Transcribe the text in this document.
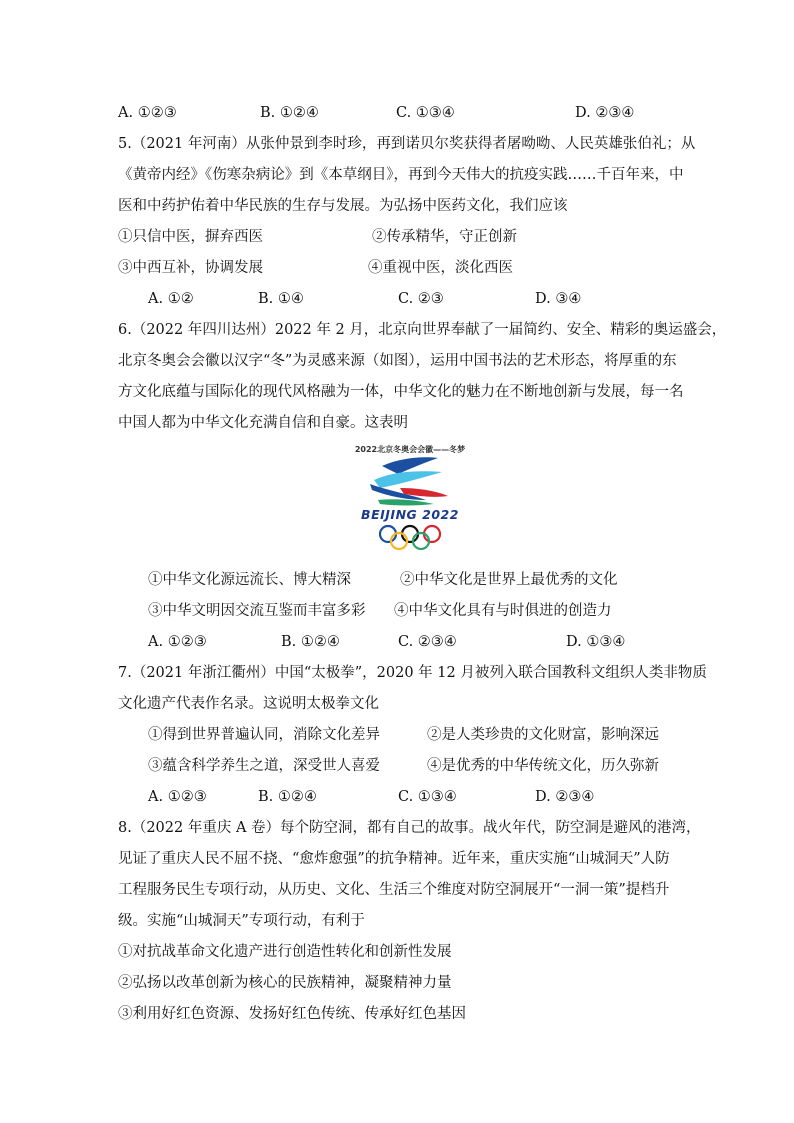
A. ①②③	B. ①②④	C. ①③④	D. ②③④
5.（2021 年河南）从张仲景到李时珍，再到诺贝尔奖获得者屠呦呦、人民英雄张伯礼；从
《黄帝内经》《伤寒杂病论》到《本草纲目》，再到今天伟大的抗疫实践……千百年来，中
医和中药护佑着中华民族的生存与发展。为弘扬中医药文化，我们应该
①只信中医，摒弃西医	②传承精华，守正创新
③中西互补，协调发展	④重视中医，淡化西医
A. ①②	B. ①④	C. ②③	D. ③④
6.（2022 年四川达州）2022 年 2 月，北京向世界奉献了一届简约、安全、精彩的奥运盛会，
北京冬奥会会徽以汉字“冬”为灵感来源（如图），运用中国书法的艺术形态，将厚重的东
方文化底蕴与国际化的现代风格融为一体，中华文化的魅力在不断地创新与发展，每一名
中国人都为中华文化充满自信和自豪。这表明
2022北京冬奥会会徽——冬梦
BEIJING 2022
①中华文化源远流长、博大精深	②中华文化是世界上最优秀的文化
③中华文明因交流互鉴而丰富多彩 ④中华文化具有与时俱进的创造力
A. ①②③	B. ①②④	C. ②③④	D. ①③④
7.（2021 年浙江衢州）中国“太极拳”，2020 年 12 月被列入联合国教科文组织人类非物质
文化遗产代表作名录。这说明太极拳文化
①得到世界普遍认同，消除文化差异	②是人类珍贵的文化财富，影响深远
③蕴含科学养生之道，深受世人喜爱	④是优秀的中华传统文化，历久弥新
A. ①②③	B. ①②④	C. ①③④	D. ②③④
8.（2022 年重庆 A 卷）每个防空洞，都有自己的故事。战火年代，防空洞是避风的港湾，
见证了重庆人民不屈不挠、“愈炸愈强”的抗争精神。近年来，重庆实施“山城洞天”人防
工程服务民生专项行动，从历史、文化、生活三个维度对防空洞展开“一洞一策”提档升
级。实施“山城洞天”专项行动，有利于
①对抗战革命文化遗产进行创造性转化和创新性发展
②弘扬以改革创新为核心的民族精神，凝聚精神力量
③利用好红色资源、发扬好红色传统、传承好红色基因
